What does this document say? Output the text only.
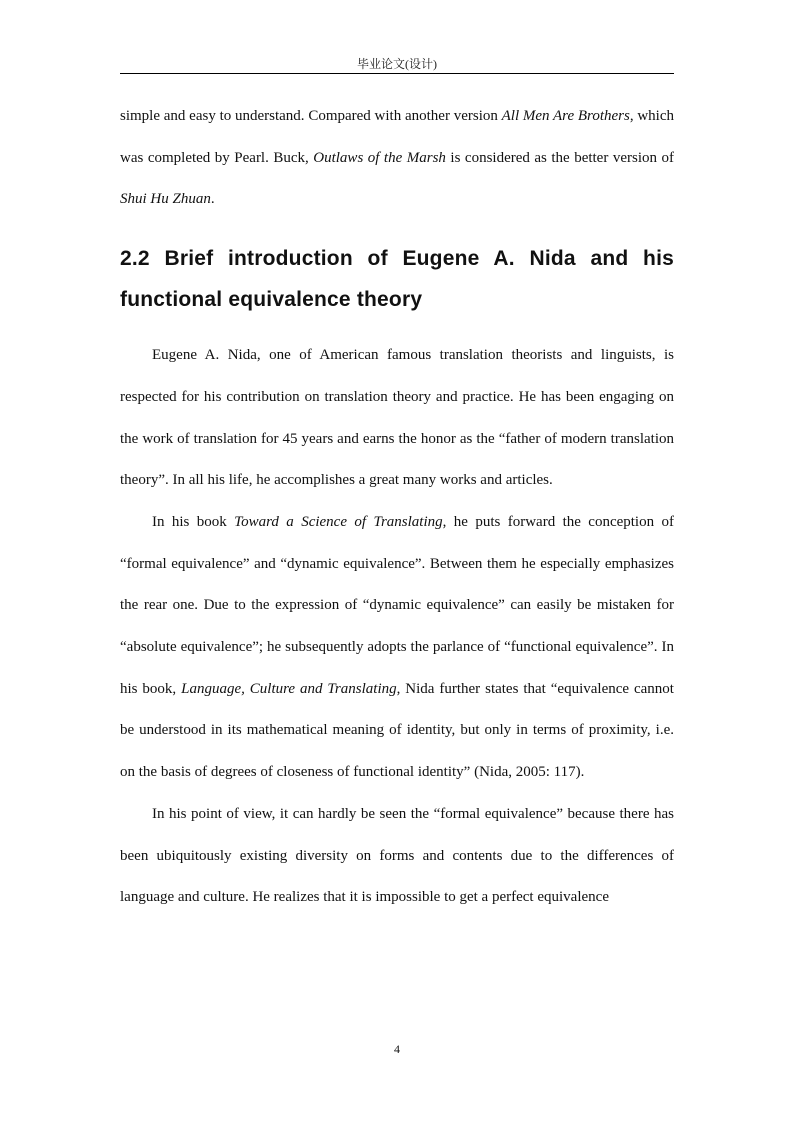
毕业论文(设计)

simple and easy to understand. Compared with another version All Men Are Brothers, which was completed by Pearl. Buck, Outlaws of the Marsh is considered as the better version of Shui Hu Zhuan.

2.2 Brief introduction of Eugene A. Nida and his functional equivalence theory

Eugene A. Nida, one of American famous translation theorists and linguists, is respected for his contribution on translation theory and practice. He has been engaging on the work of translation for 45 years and earns the honor as the “father of modern translation theory”. In all his life, he accomplishes a great many works and articles.

In his book Toward a Science of Translating, he puts forward the conception of “formal equivalence” and “dynamic equivalence”. Between them he especially emphasizes the rear one. Due to the expression of “dynamic equivalence” can easily be mistaken for “absolute equivalence”; he subsequently adopts the parlance of “functional equivalence”. In his book, Language, Culture and Translating, Nida further states that “equivalence cannot be understood in its mathematical meaning of identity, but only in terms of proximity, i.e. on the basis of degrees of closeness of functional identity” (Nida, 2005: 117).

In his point of view, it can hardly be seen the “formal equivalence” because there has been ubiquitously existing diversity on forms and contents due to the differences of language and culture. He realizes that it is impossible to get a perfect equivalence

4
